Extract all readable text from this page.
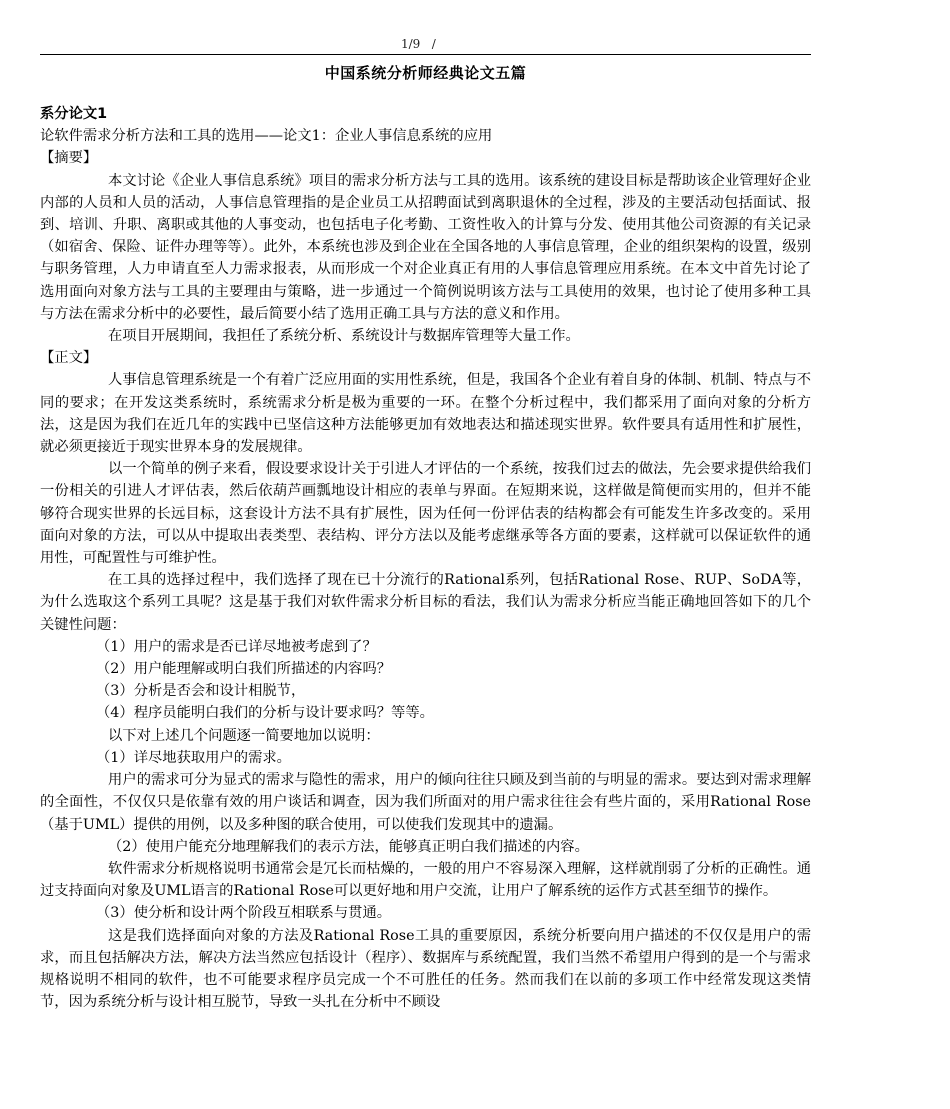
1/9   /
中国系统分析师经典论文五篇

系分论文1

论软件需求分析方法和工具的选用——论文1：企业人事信息系统的应用

【摘要】

本文讨论《企业人事信息系统》项目的需求分析方法与工具的选用。该系统的建设目标是帮助该企业管理好企业内部的人员和人员的活动，人事信息管理指的是企业员工从招聘面试到离职退休的全过程，涉及的主要活动包括面试、报到、培训、升职、离职或其他的人事变动，也包括电子化考勤、工资性收入的计算与分发、使用其他公司资源的有关记录（如宿舍、保险、证件办理等等）。此外，本系统也涉及到企业在全国各地的人事信息管理，企业的组织架构的设置，级别与职务管理，人力申请直至人力需求报表，从而形成一个对企业真正有用的人事信息管理应用系统。在本文中首先讨论了选用面向对象方法与工具的主要理由与策略，进一步通过一个简例说明该方法与工具使用的效果，也讨论了使用多种工具与方法在需求分析中的必要性，最后简要小结了选用正确工具与方法的意义和作用。

在项目开展期间，我担任了系统分析、系统设计与数据库管理等大量工作。

【正文】

人事信息管理系统是一个有着广泛应用面的实用性系统，但是，我国各个企业有着自身的体制、机制、特点与不同的要求；在开发这类系统时，系统需求分析是极为重要的一环。在整个分析过程中，我们都采用了面向对象的分析方法，这是因为我们在近几年的实践中已坚信这种方法能够更加有效地表达和描述现实世界。软件要具有适用性和扩展性，就必须更接近于现实世界本身的发展规律。

以一个简单的例子来看，假设要求设计关于引进人才评估的一个系统，按我们过去的做法，先会要求提供给我们一份相关的引进人才评估表，然后依葫芦画瓢地设计相应的表单与界面。在短期来说，这样做是简便而实用的，但并不能够符合现实世界的长远目标，这套设计方法不具有扩展性，因为任何一份评估表的结构都会有可能发生许多改变的。采用面向对象的方法，可以从中提取出表类型、表结构、评分方法以及能考虑继承等各方面的要素，这样就可以保证软件的通用性，可配置性与可维护性。

在工具的选择过程中，我们选择了现在已十分流行的Rational系列，包括Rational Rose、RUP、SoDA等，为什么选取这个系列工具呢？这是基于我们对软件需求分析目标的看法，我们认为需求分析应当能正确地回答如下的几个关键性问题：

（1）用户的需求是否已详尽地被考虑到了？

（2）用户能理解或明白我们所描述的内容吗？

（3）分析是否会和设计相脱节，

（4）程序员能明白我们的分析与设计要求吗？等等。

以下对上述几个问题逐一简要地加以说明：

（1）详尽地获取用户的需求。

用户的需求可分为显式的需求与隐性的需求，用户的倾向往往只顾及到当前的与明显的需求。要达到对需求理解的全面性，不仅仅只是依靠有效的用户谈话和调查，因为我们所面对的用户需求往往会有些片面的，采用Rational Rose（基于UML）提供的用例，以及多种图的联合使用，可以使我们发现其中的遗漏。

（2）使用户能充分地理解我们的表示方法，能够真正明白我们描述的内容。

软件需求分析规格说明书通常会是冗长而枯燥的，一般的用户不容易深入理解，这样就削弱了分析的正确性。通过支持面向对象及UML语言的Rational Rose可以更好地和用户交流，让用户了解系统的运作方式甚至细节的操作。

（3）使分析和设计两个阶段互相联系与贯通。

这是我们选择面向对象的方法及Rational Rose工具的重要原因，系统分析要向用户描述的不仅仅是用户的需求，而且包括解决方法，解决方法当然应包括设计（程序）、数据库与系统配置，我们当然不希望用户得到的是一个与需求规格说明不相同的软件，也不可能要求程序员完成一个不可胜任的任务。然而我们在以前的多项工作中经常发现这类情节，因为系统分析与设计相互脱节，导致一头扎在分析中不顾设
